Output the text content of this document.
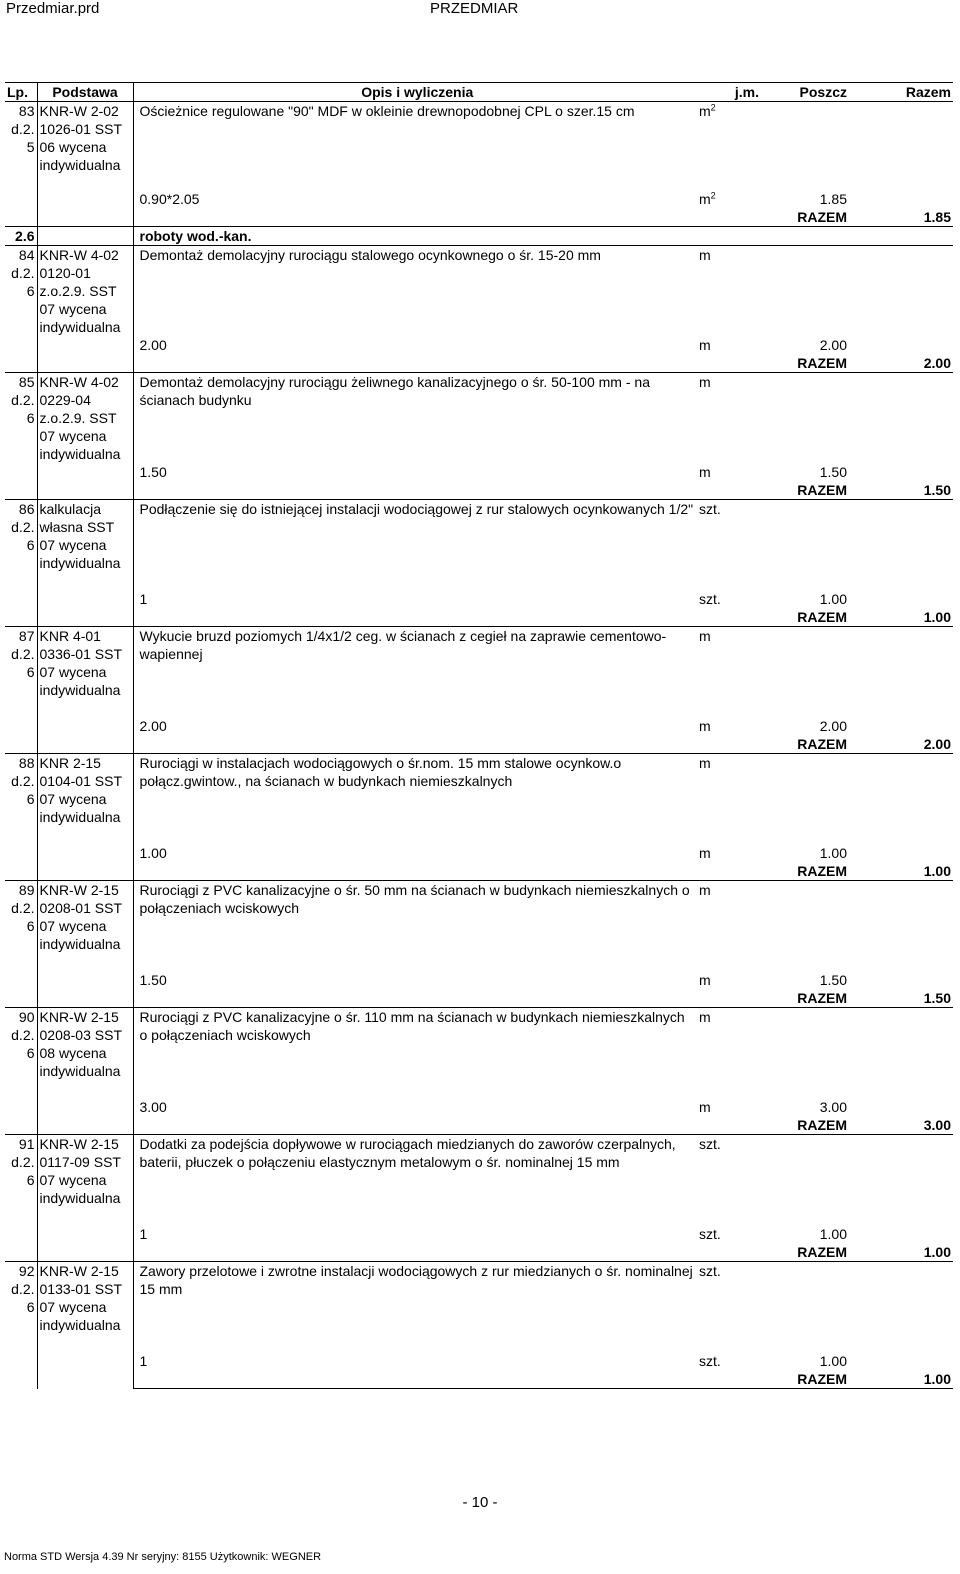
Przedmiar.prd	PRZEDMIAR
Lp.	Podstawa	Opis i wyliczenia	j.m.	Poszcz	Razem
83 d.2. 5	KNR-W 2-02 1026-01 SST 06 wycena indywidualna	Ościeżnice regulowane "90" MDF w okleinie drewnopodobnej CPL o szer.15 cm	$m^2$		
		0.90*2.05	$m^2$	1.85	
				RAZEM	1.85
2.6		roboty wod.-kan.			
84 d.2. 6	KNR-W 4-02 0120-01 z.o.2.9. SST 07 wycena indywidualna	Demontaż demolacyjny rurociągu stalowego ocynkownego o śr. 15-20 mm	m		
		2.00	m	2.00	
				RAZEM	2.00
85 d.2. 6	KNR-W 4-02 0229-04 z.o.2.9. SST 07 wycena indywidualna	Demontaż demolacyjny rurociągu żeliwnego kanalizacyjnego o śr. 50-100 mm - na ścianach budynku	m		
		1.50	m	1.50	
				RAZEM	1.50
86 d.2. 6	kalkulacja własna SST 07 wycena indywidualna	Podłączenie się do istniejącej instalacji wodociągowej z rur stalowych ocynkowanych 1/2"	szt.		
		1	szt.	1.00	
				RAZEM	1.00
87 d.2. 6	KNR 4-01 0336-01 SST 07 wycena indywidualna	Wykucie bruzd poziomych 1/4x1/2 ceg. w ścianach z cegieł na zaprawie cementowo-wapiennej	m		
		2.00	m	2.00	
				RAZEM	2.00
88 d.2. 6	KNR 2-15 0104-01 SST 07 wycena indywidualna	Rurociągi w instalacjach wodociągowych o śr.nom. 15 mm stalowe ocynkow.o połącz.gwintow., na ścianach w budynkach niemieszkalnych	m		
		1.00	m	1.00	
				RAZEM	1.00
89 d.2. 6	KNR-W 2-15 0208-01 SST 07 wycena indywidualna	Rurociągi z PVC kanalizacyjne o śr. 50 mm na ścianach w budynkach niemieszkalnych o połączeniach wciskowych	m		
		1.50	m	1.50	
				RAZEM	1.50
90 d.2. 6	KNR-W 2-15 0208-03 SST 08 wycena indywidualna	Rurociągi z PVC kanalizacyjne o śr. 110 mm na ścianach w budynkach niemieszkalnych o połączeniach wciskowych	m		
		3.00	m	3.00	
				RAZEM	3.00
91 d.2. 6	KNR-W 2-15 0117-09 SST 07 wycena indywidualna	Dodatki za podejścia dopływowe w rurociągach miedzianych do zaworów czerpalnych, baterii, płuczek o połączeniu elastycznym metalowym o śr. nominalnej 15 mm	szt.		
		1	szt.	1.00	
				RAZEM	1.00
92 d.2. 6	KNR-W 2-15 0133-01 SST 07 wycena indywidualna	Zawory przelotowe i zwrotne instalacji wodociągowych z rur miedzianych o śr. nominalnej 15 mm	szt.		
		1	szt.	1.00	
				RAZEM	1.00
- 10 -
Norma STD Wersja 4.39 Nr seryjny: 8155 Użytkownik: WEGNER
